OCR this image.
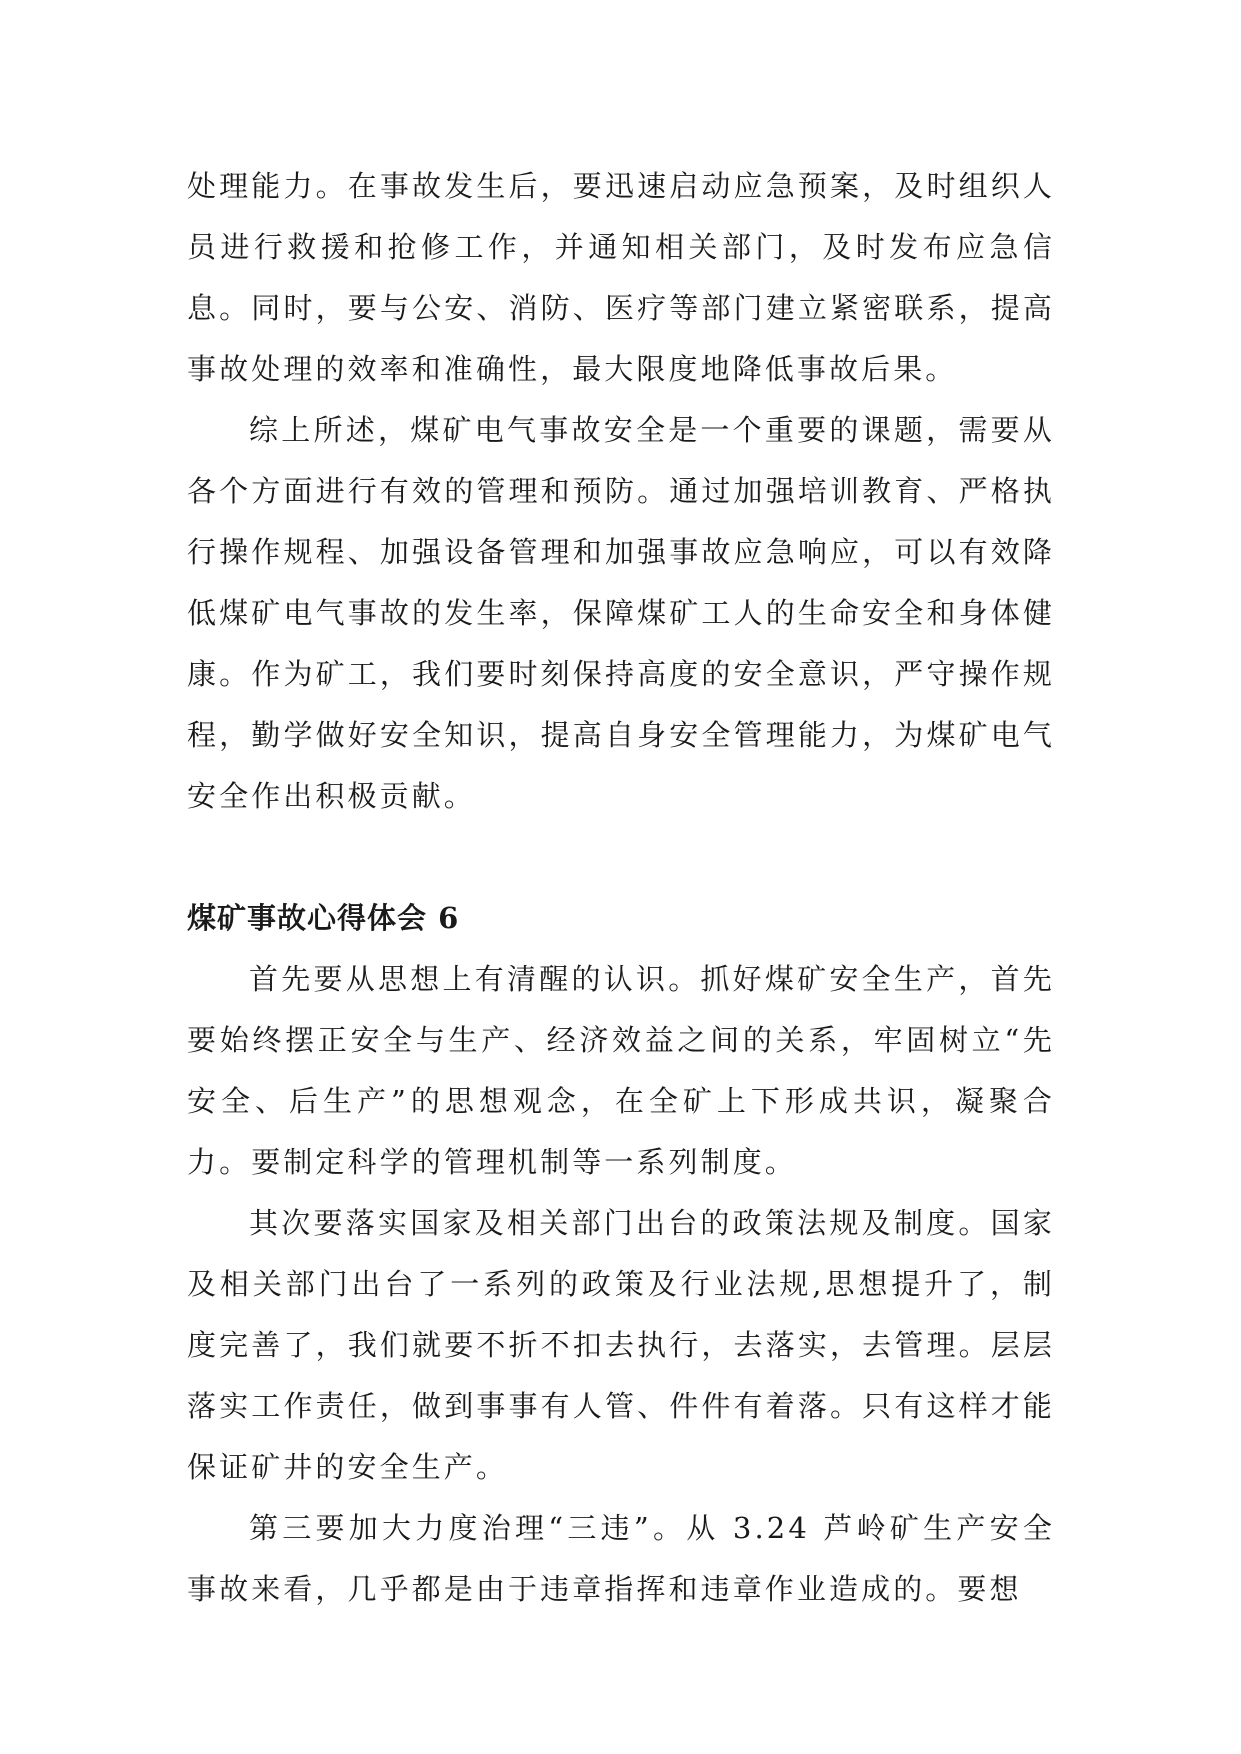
处理能力。在事故发生后，要迅速启动应急预案，及时组织人员进行救援和抢修工作，并通知相关部门，及时发布应急信息。同时，要与公安、消防、医疗等部门建立紧密联系，提高事故处理的效率和准确性，最大限度地降低事故后果。

综上所述，煤矿电气事故安全是一个重要的课题，需要从各个方面进行有效的管理和预防。通过加强培训教育、严格执行操作规程、加强设备管理和加强事故应急响应，可以有效降低煤矿电气事故的发生率，保障煤矿工人的生命安全和身体健康。作为矿工，我们要时刻保持高度的安全意识，严守操作规程，勤学做好安全知识，提高自身安全管理能力，为煤矿电气安全作出积极贡献。

煤矿事故心得体会 6

首先要从思想上有清醒的认识。抓好煤矿安全生产，首先要始终摆正安全与生产、经济效益之间的关系，牢固树立“先安全、后生产”的思想观念，在全矿上下形成共识，凝聚合力。要制定科学的管理机制等一系列制度。

其次要落实国家及相关部门出台的政策法规及制度。国家及相关部门出台了一系列的政策及行业法规,思想提升了，制度完善了，我们就要不折不扣去执行，去落实，去管理。层层落实工作责任，做到事事有人管、件件有着落。只有这样才能保证矿井的安全生产。

第三要加大力度治理“三违”。从 3.24 芦岭矿生产安全事故来看，几乎都是由于违章指挥和违章作业造成的。要想
